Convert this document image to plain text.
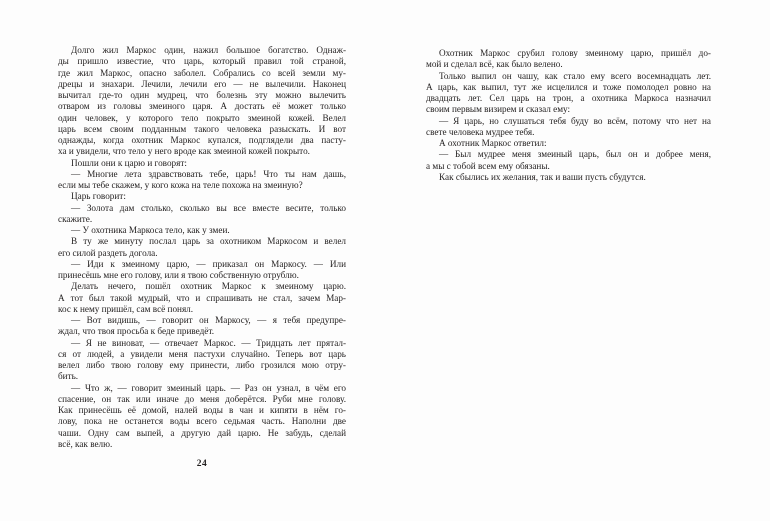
Долго жил Маркос один, нажил большое богатство. Однаж-
ды пришло известие, что царь, который правил той страной,
где жил Маркос, опасно заболел. Собрались со всей земли му-
дрецы и знахари. Лечили, лечили его — не вылечили. Наконец
вычитал где-то один мудрец, что болезнь эту можно вылечить
отваром из головы змеиного царя. А достать её может только
один человек, у которого тело покрыто змеиной кожей. Велел
царь всем своим подданным такого человека разыскать. И вот
однажды, когда охотник Маркос купался, подглядели два пасту-
ха и увидели, что тело у него вроде как змеиной кожей покрыто.
Пошли они к царю и говорят:
— Многие лета здравствовать тебе, царь! Что ты нам дашь,
если мы тебе скажем, у кого кожа на теле похожа на змеиную?
Царь говорит:
— Золота дам столько, сколько вы все вместе весите, только
скажите.
— У охотника Маркоса тело, как у змеи.
В ту же минуту послал царь за охотником Маркосом и велел
его силой раздеть догола.
— Иди к змеиному царю, — приказал он Маркосу. — Или
принесёшь мне его голову, или я твою собственную отрублю.
Делать нечего, пошёл охотник Маркос к змеиному царю.
А тот был такой мудрый, что и спрашивать не стал, зачем Мар-
кос к нему пришёл, сам всё понял.
— Вот видишь, — говорит он Маркосу, — я тебя предупре-
ждал, что твоя просьба к беде приведёт.
— Я не виноват, — отвечает Маркос. — Тридцать лет прятал-
ся от людей, а увидели меня пастухи случайно. Теперь вот царь
велел либо твою голову ему принести, либо грозился мою отру-
бить.
— Что ж, — говорит змеиный царь. — Раз он узнал, в чём его
спасение, он так или иначе до меня доберётся. Руби мне голову.
Как принесёшь её домой, налей воды в чан и кипяти в нём го-
лову, пока не останется воды всего седьмая часть. Наполни две
чаши. Одну сам выпей, а другую дай царю. Не забудь, сделай
всё, как велю.
Охотник Маркос срубил голову змеиному царю, пришёл до-
мой и сделал всё, как было велено.
Только выпил он чашу, как стало ему всего восемнадцать лет.
А царь, как выпил, тут же исцелился и тоже помолодел ровно на
двадцать лет. Сел царь на трон, а охотника Маркоса назначил
своим первым визирем и сказал ему:
— Я царь, но слушаться тебя буду во всём, потому что нет на
свете человека мудрее тебя.
А охотник Маркос ответил:
— Был мудрее меня змеиный царь, был он и добрее меня,
а мы с тобой всем ему обязаны.
Как сбылись их желания, так и ваши пусть сбудутся.
24
